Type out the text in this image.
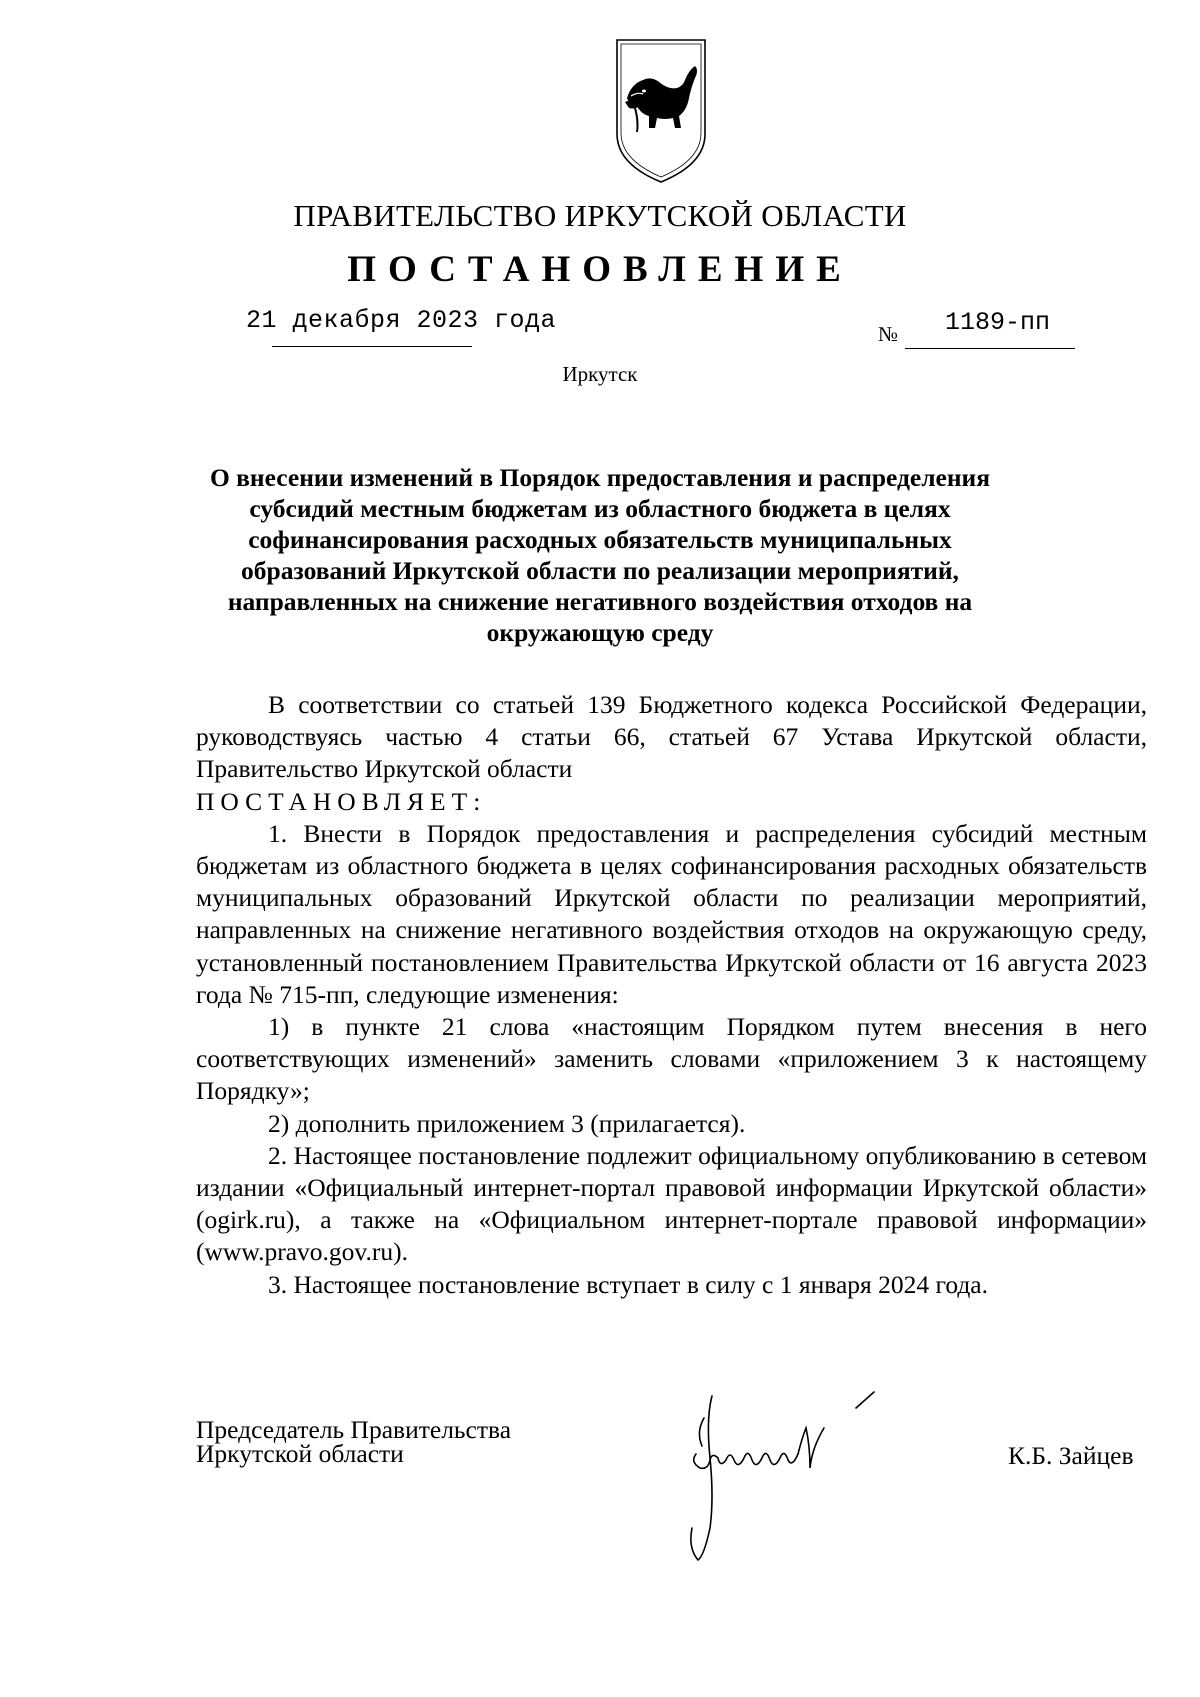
ПРАВИТЕЛЬСТВО ИРКУТСКОЙ ОБЛАСТИ
ПОСТАНОВЛЕНИЕ
21 декабря 2023 года	№ 1189-пп
Иркутск
О внесении изменений в Порядок предоставления и распределения
субсидий местным бюджетам из областного бюджета в целях
софинансирования расходных обязательств муниципальных
образований Иркутской области по реализации мероприятий,
направленных на снижение негативного воздействия отходов на
окружающую среду

В соответствии со статьей 139 Бюджетного кодекса Российской Федерации, руководствуясь частью 4 статьи 66, статьей 67 Устава Иркутской области, Правительство Иркутской области

ПОСТАНОВЛЯЕТ:

1. Внести в Порядок предоставления и распределения субсидий местным бюджетам из областного бюджета в целях софинансирования расходных обязательств муниципальных образований Иркутской области по реализации мероприятий, направленных на снижение негативного воздействия отходов на окружающую среду, установленный постановлением Правительства Иркутской области от 16 августа 2023 года № 715-пп, следующие изменения:

1) в пункте 21 слова «настоящим Порядком путем внесения в него соответствующих изменений» заменить словами «приложением 3 к настоящему Порядку»;

2) дополнить приложением 3 (прилагается).

2. Настоящее постановление подлежит официальному опубликованию в сетевом издании «Официальный интернет-портал правовой информации Иркутской области» (ogirk.ru), а также на «Официальном интернет-портале правовой информации» (www.pravo.gov.ru).

3. Настоящее постановление вступает в силу с 1 января 2024 года.

Председатель Правительства
Иркутской области	К.Б. Зайцев
